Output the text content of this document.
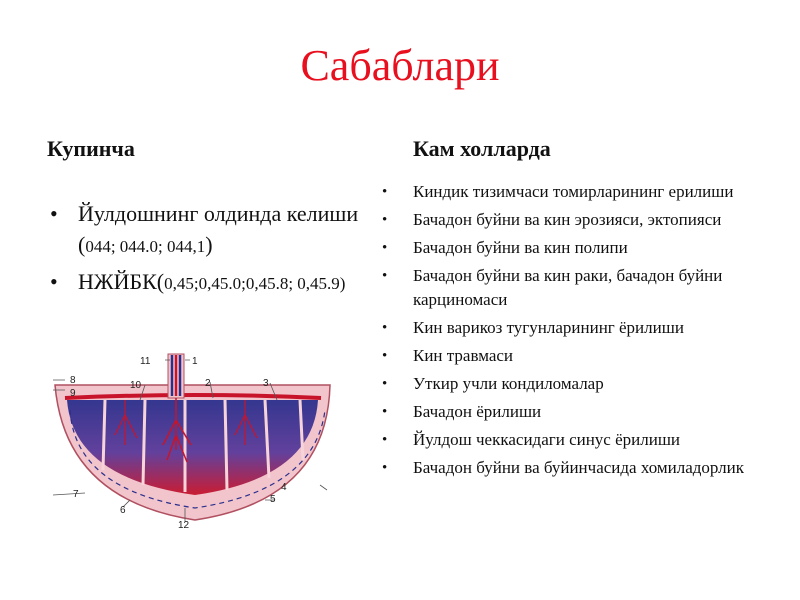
Сабаблари
Купинча	Кам холларда
• Йулдошнинг олдинда келиши (044; 044.0; 044,1)
• НЖЙБК(0,45;0,45.0;0,45.8; 0,45.9)
• Киндик тизимчаси томирларининг ерилиши
• Бачадон буйни ва кин эрозияси, эктопияси
• Бачадон буйни ва кин полипи
• Бачадон буйни ва кин раки, бачадон буйни карциномаси
• Кин варикоз тугунларининг ёрилиши
• Кин травмаси
• Уткир учли кондиломалар
• Бачадон ёрилиши
• Йулдош чеккасидаги синус ёрилиши
• Бачадон буйни ва буйинчасида хомиладорлик
11	1
10	2	3
8
9
7
6
12
5
4
